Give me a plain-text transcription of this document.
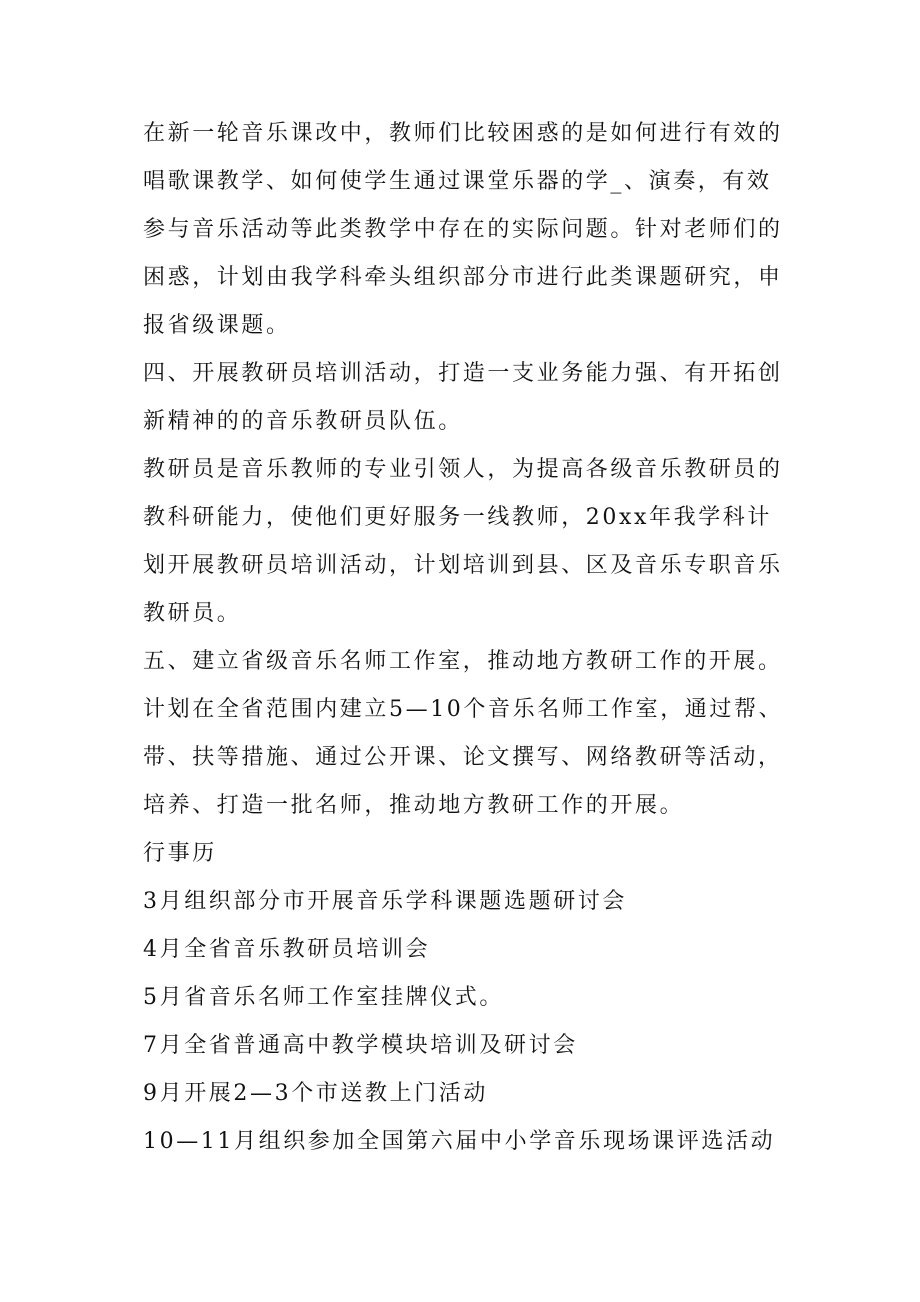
在新一轮音乐课改中，教师们比较困惑的是如何进行有效的唱歌课教学、如何使学生通过课堂乐器的学_、演奏，有效参与音乐活动等此类教学中存在的实际问题。针对老师们的困惑，计划由我学科牵头组织部分市进行此类课题研究，申报省级课题。

四、开展教研员培训活动，打造一支业务能力强、有开拓创新精神的的音乐教研员队伍。

教研员是音乐教师的专业引领人，为提高各级音乐教研员的教科研能力，使他们更好服务一线教师，20xx年我学科计划开展教研员培训活动，计划培训到县、区及音乐专职音乐教研员。

五、建立省级音乐名师工作室，推动地方教研工作的开展。

计划在全省范围内建立5—10个音乐名师工作室，通过帮、带、扶等措施、通过公开课、论文撰写、网络教研等活动，培养、打造一批名师，推动地方教研工作的开展。

行事历

3月组织部分市开展音乐学科课题选题研讨会
4月全省音乐教研员培训会
5月省音乐名师工作室挂牌仪式。
7月全省普通高中教学模块培训及研讨会
9月开展2—3个市送教上门活动
10—11月组织参加全国第六届中小学音乐现场课评选活动
